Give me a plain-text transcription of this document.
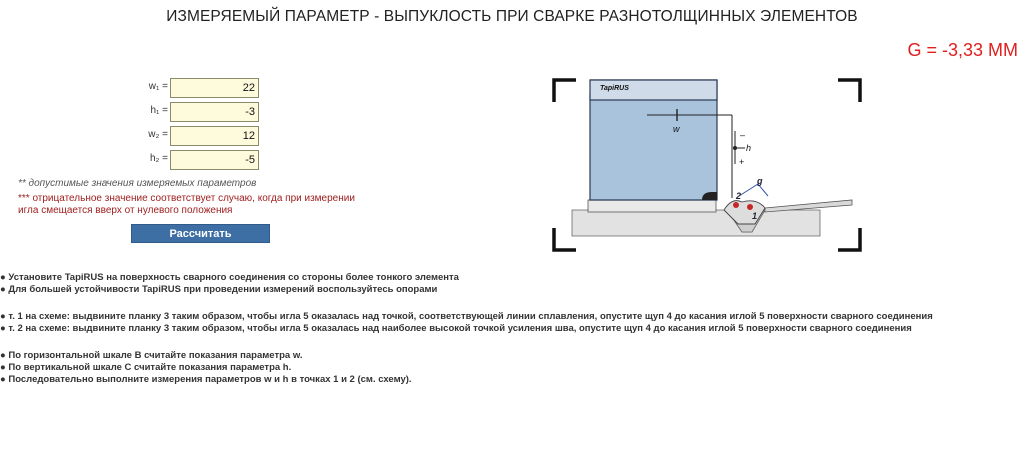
ИЗМЕРЯЕМЫЙ ПАРАМЕТР - ВЫПУКЛОСТЬ ПРИ СВАРКЕ РАЗНОТОЛЩИННЫХ ЭЛЕМЕНТОВ
G = -3,33 ММ
w₁ =
22
h₁ =
-3
w₂ =
12
h₂ =
-5
** допустимые значения измеряемых параметров
*** отрицательное значение соответствует случаю, когда при измерении
игла смещается вверх от нулевого положения
Рассчитать
TapiRUS
w
–
h
+
g
2
1
● Установите TapiRUS на поверхность сварного соединения со стороны более тонкого элемента
● Для большей устойчивости TapiRUS при проведении измерений воспользуйтесь опорами
● т. 1 на схеме: выдвините планку 3 таким образом, чтобы игла 5 оказалась над точкой, соответствующей линии сплавления, опустите щуп 4 до касания иглой 5 поверхности сварного соединения
● т. 2 на схеме: выдвините планку 3 таким образом, чтобы игла 5 оказалась над наиболее высокой точкой усиления шва, опустите щуп 4 до касания иглой 5 поверхности сварного соединения
● По горизонтальной шкале B считайте показания параметра w.
● По вертикальной шкале C считайте показания параметра h.
● Последовательно выполните измерения параметров w и h в точках 1 и 2 (см. схему).
